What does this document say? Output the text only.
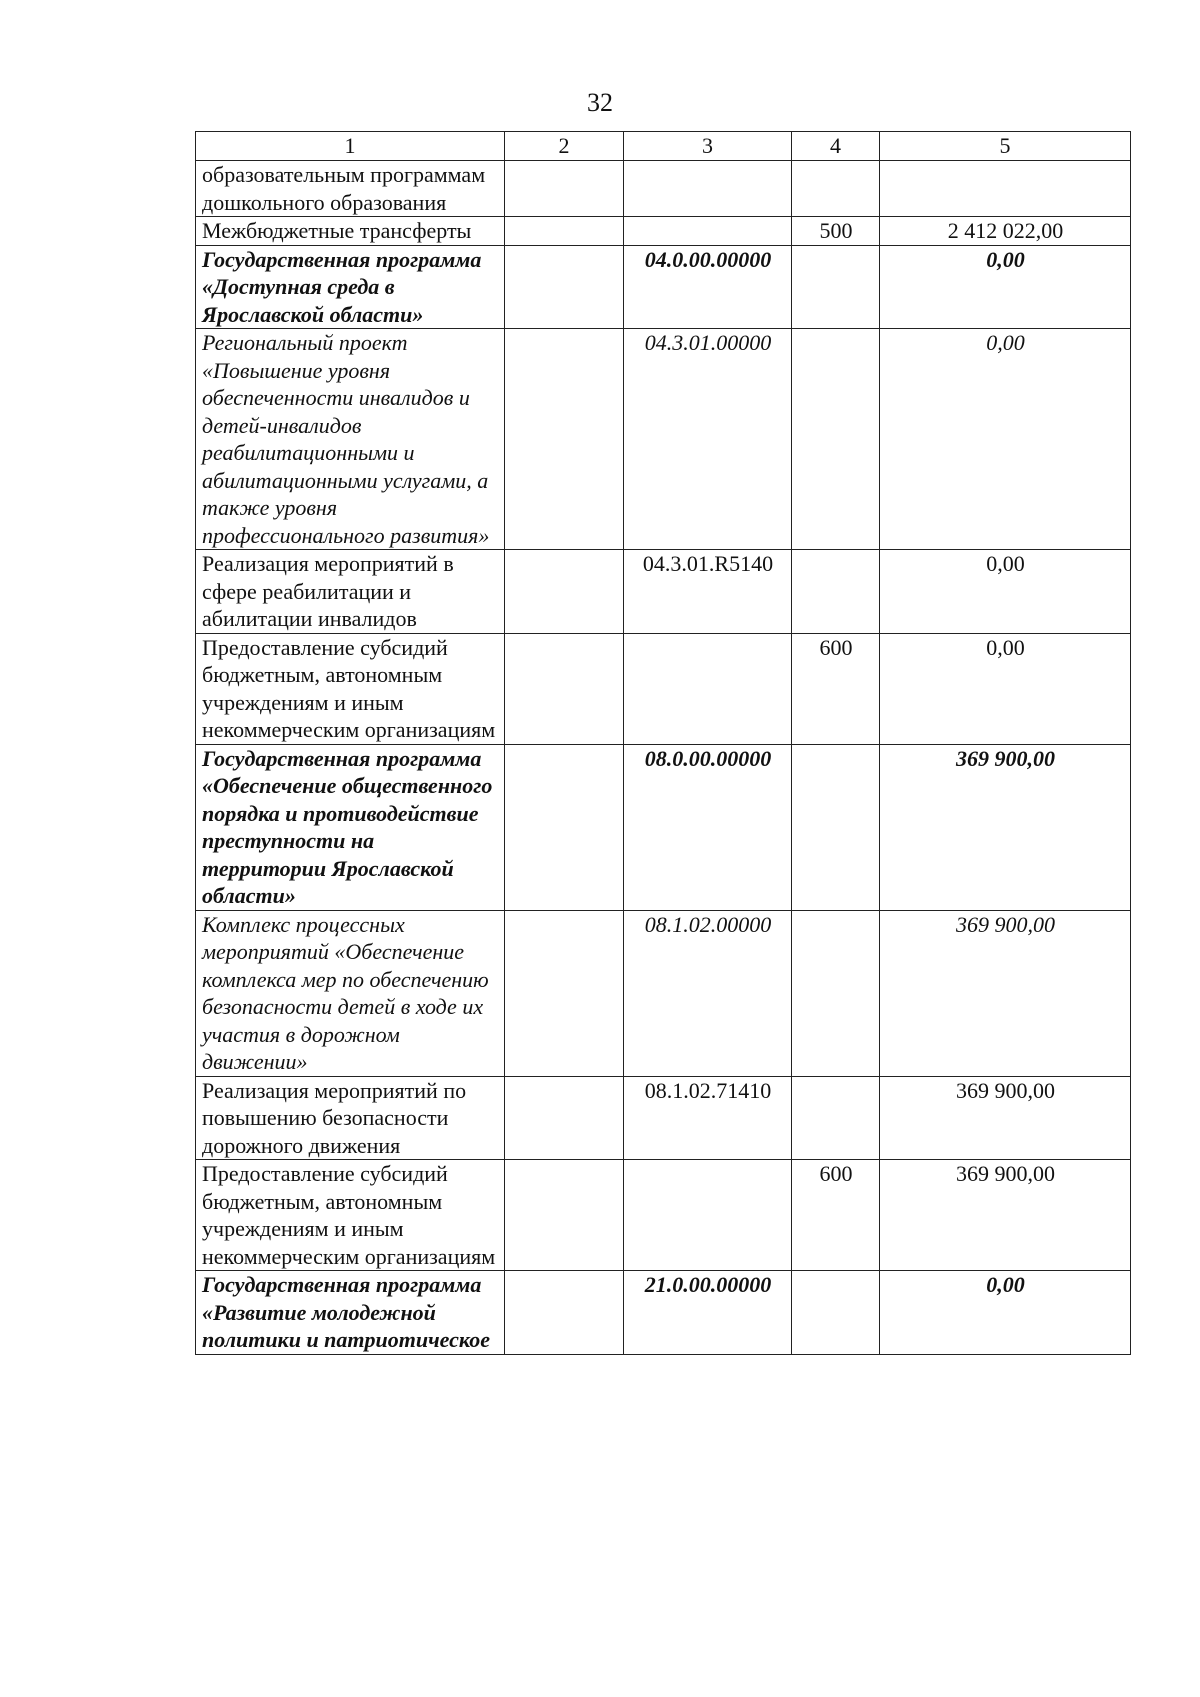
32
1	2	3	4	5
образовательным программам дошкольного образования				
Межбюджетные трансферты			500	2 412 022,00
Государственная программа «Доступная среда в Ярославской области»		04.0.00.00000		0,00
Региональный проект «Повышение уровня обеспеченности инвалидов и детей-инвалидов реабилитационными и абилитационными услугами, а также уровня профессионального развития»		04.3.01.00000		0,00
Реализация мероприятий в сфере реабилитации и абилитации инвалидов		04.3.01.R5140		0,00
Предоставление субсидий бюджетным, автономным учреждениям и иным некоммерческим организациям			600	0,00
Государственная программа «Обеспечение общественного порядка и противодействие преступности на территории Ярославской области»		08.0.00.00000		369 900,00
Комплекс процессных мероприятий «Обеспечение комплекса мер по обеспечению безопасности детей в ходе их участия в дорожном движении»		08.1.02.00000		369 900,00
Реализация мероприятий по повышению безопасности дорожного движения		08.1.02.71410		369 900,00
Предоставление субсидий бюджетным, автономным учреждениям и иным некоммерческим организациям			600	369 900,00
Государственная программа «Развитие молодежной политики и патриотическое		21.0.00.00000		0,00
